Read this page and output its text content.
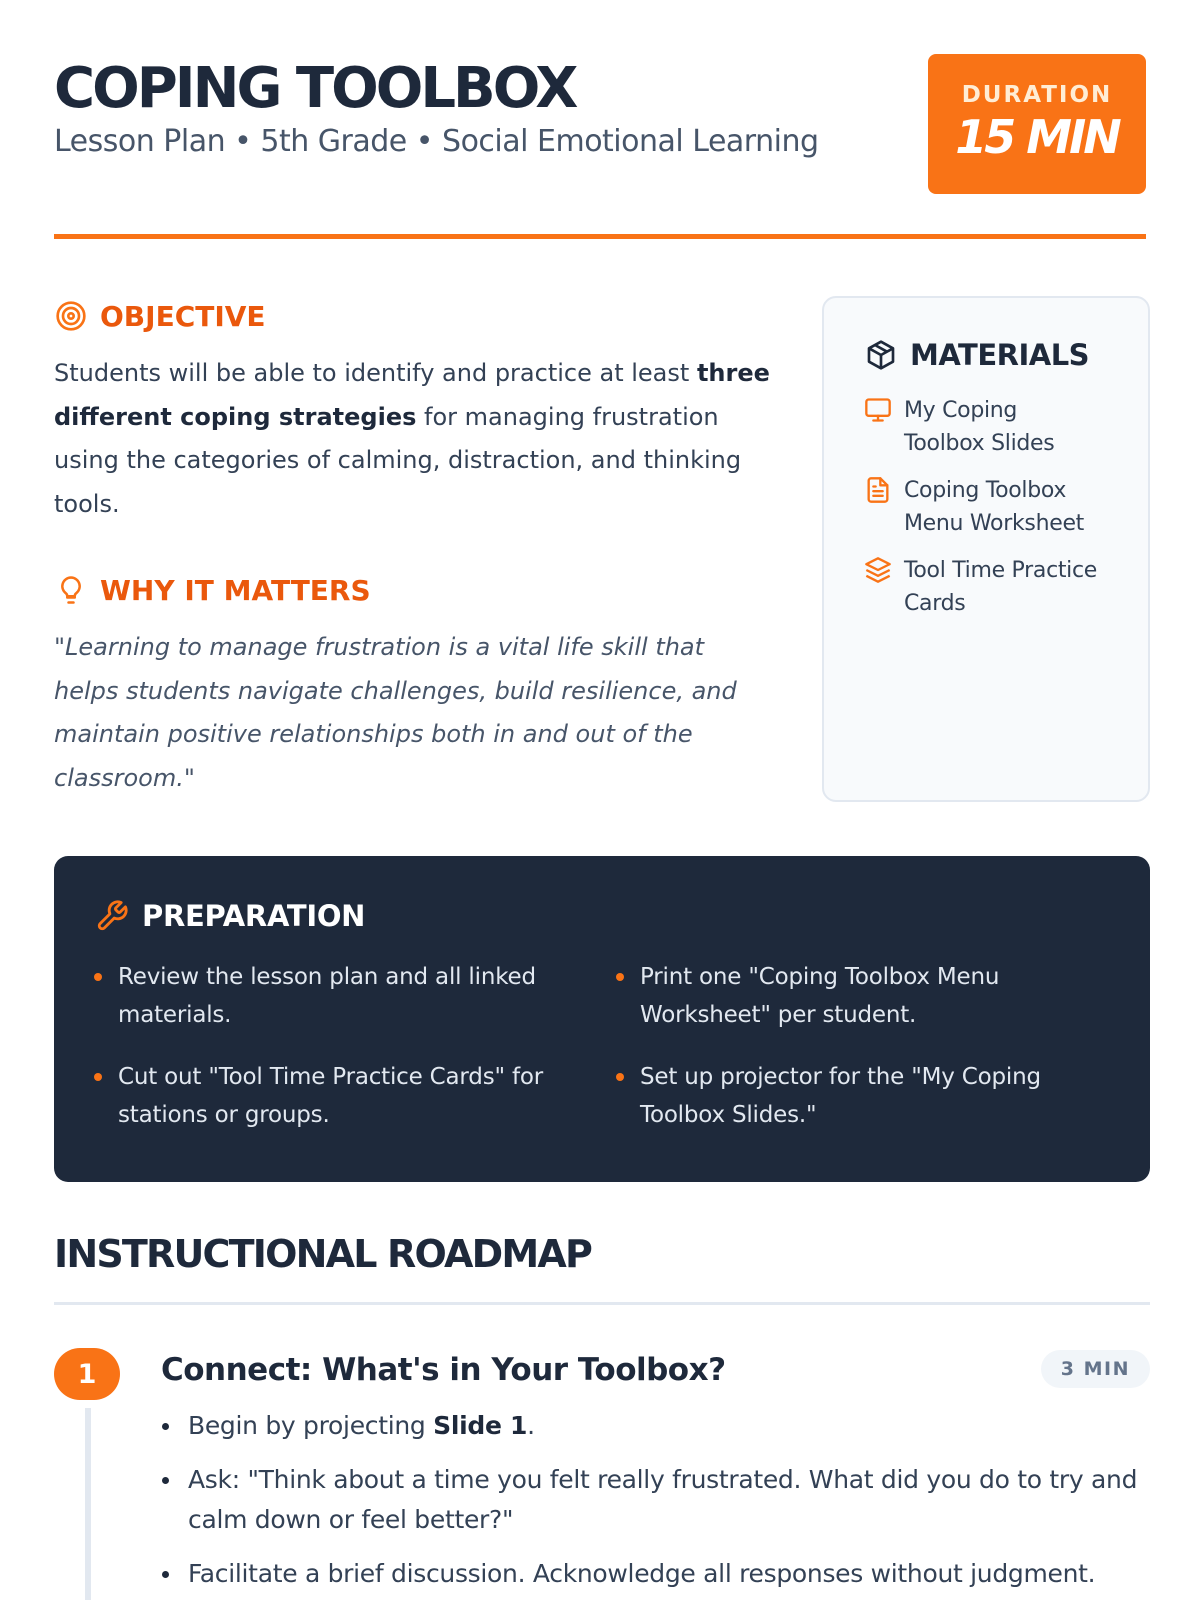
COPING TOOLBOX
Lesson Plan • 5th Grade • Social Emotional Learning
DURATION
15 MIN
OBJECTIVE

Students will be able to identify and practice at least three different coping strategies for managing frustration using the categories of calming, distraction, and thinking tools.

WHY IT MATTERS

"Learning to manage frustration is a vital life skill that helps students navigate challenges, build resilience, and maintain positive relationships both in and out of the classroom."

MATERIALS
My Coping Toolbox Slides
Coping Toolbox Menu Worksheet
Tool Time Practice Cards
PREPARATION
Review the lesson plan and all linked materials.
Print one "Coping Toolbox Menu Worksheet" per student.
Cut out "Tool Time Practice Cards" for stations or groups.
Set up projector for the "My Coping Toolbox Slides."
INSTRUCTIONAL ROADMAP
1	Connect: What's in Your Toolbox?	3 MIN
Begin by projecting Slide 1.
Ask: "Think about a time you felt really frustrated. What did you do to try and calm down or feel better?"
Facilitate a brief discussion. Acknowledge all responses without judgment.
